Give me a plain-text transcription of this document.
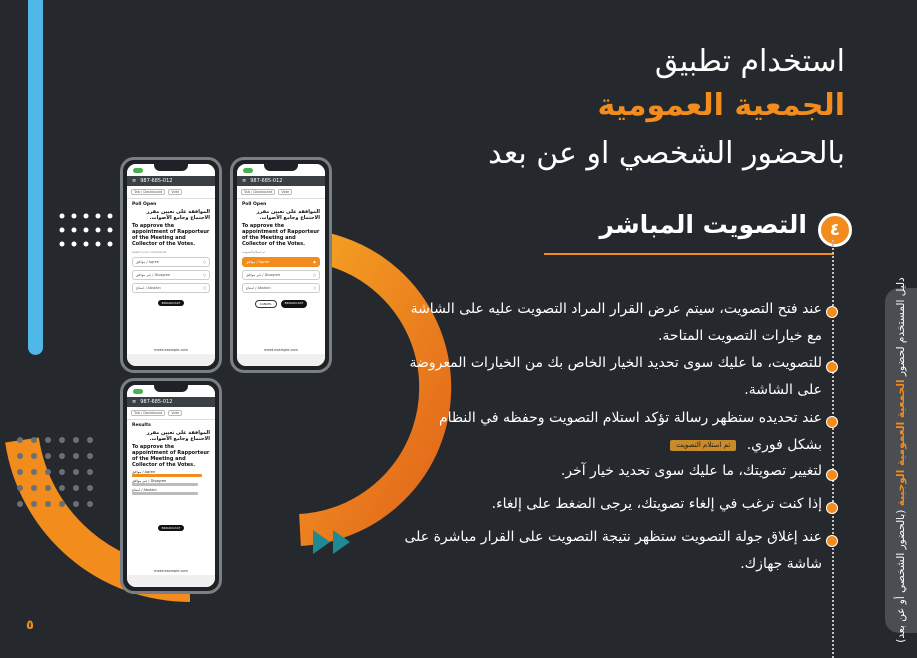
استخدام تطبيق
الجمعية العمومية
بالحضور الشخصي او عن بعد
٤
التصويت المباشر
عند فتح التصويت، سيتم عرض القرار المراد التصويت عليه على الشاشة مع خيارات التصويت المتاحة.
للتصويت، ما عليك سوى تحديد الخيار الخاص بك من الخيارات المعروضة على الشاشة.
عند تحديده ستظهر رسالة تؤكد استلام التصويت وحفظه في النظام بشكل فوري. تم استلام التصويت
لتغيير تصويتك، ما عليك سوى تحديد خيار آخر.
إذا كنت ترغب في إلغاء تصويتك، يرجى الضغط على إلغاء.
عند إغلاق جولة التصويت ستظهر نتيجة التصويت على القرار مباشرة على شاشة جهازك.
دليل المستخدم لحضور الجمعية العمومية الوجيبة (بالحضور الشخصي أو عن بعد)
٥
≡ 987-685-012
Tab / Dashboard	Vote
Poll Open
الموافقة على تعيين مقرر الاجتماع وجامع الأصوات.
To approve the appointment of Rapporteur of the Meeting and Collector of the Votes.
Select your vote below
موافق / Agree	○
غير موافق / Disagree	○
امتناع / Abstain	○
BROADCAST
meet.example.com
≡ 987-685-012
Tab / Dashboard	Vote
Poll Open
الموافقة على تعيين مقرر الاجتماع وجامع الأصوات.
To approve the appointment of Rapporteur of the Meeting and Collector of the Votes.
تم استلام التصويت
موافق / Agree	◉
غير موافق / Disagree	○
امتناع / Abstain	○
CANCEL	BROADCAST
meet.example.com
≡ 987-685-012
Tab / Dashboard	Vote
Results
الموافقة على تعيين مقرر الاجتماع وجامع الأصوات.
To approve the appointment of Rapporteur of the Meeting and Collector of the Votes.
موافق / Agree
غير موافق / Disagree
امتناع / Abstain
BROADCAST
meet.example.com
